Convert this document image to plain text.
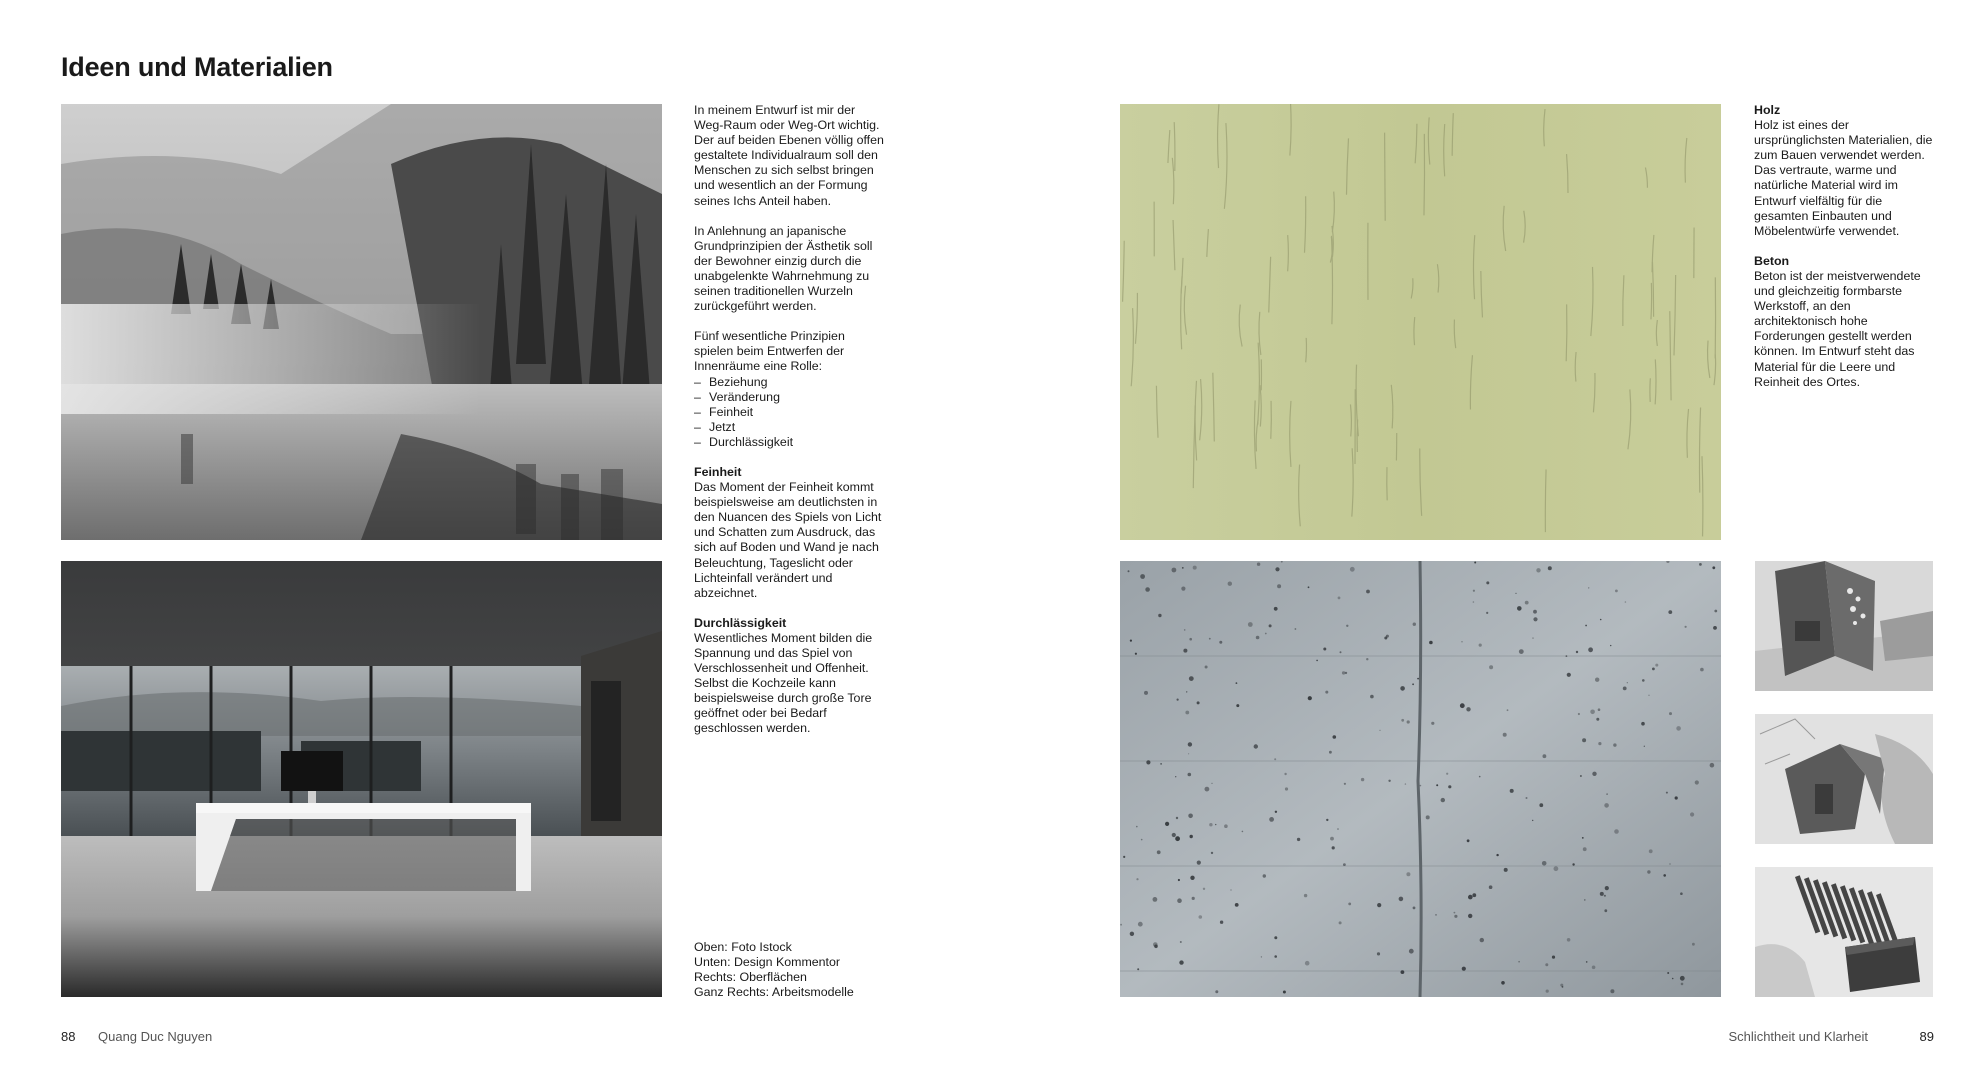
Ideen und Materialien

In meinem Entwurf ist mir der Weg-Raum oder Weg-Ort wichtig. Der auf beiden Ebenen völlig offen gestaltete Individualraum soll den Menschen zu sich selbst bringen und wesentlich an der Formung seines Ichs Anteil haben.

In Anlehnung an japanische Grundprinzipien der Ästhetik soll der Bewohner einzig durch die unabgelenkte Wahrnehmung zu seinen traditionellen Wurzeln zurückgeführt werden.

Fünf wesentliche Prinzipien spielen beim Entwerfen der Innenräume eine Rolle:

– Beziehung
– Veränderung
– Feinheit
– Jetzt
– Durchlässigkeit

Feinheit
Das Moment der Feinheit kommt beispielsweise am deutlichsten in den Nuancen des Spiels von Licht und Schatten zum Ausdruck, das sich auf Boden und Wand je nach Beleuchtung, Tageslicht oder Lichteinfall verändert und abzeichnet.

Durchlässigkeit
Wesentliches Moment bilden die Spannung und das Spiel von Verschlossenheit und Offenheit. Selbst die Kochzeile kann beispielsweise durch große Tore geöffnet oder bei Bedarf geschlossen werden.

Oben: Foto Istock
Unten: Design Kommentor
Rechts: Oberflächen
Ganz Rechts: Arbeitsmodelle

Holz
Holz ist eines der ursprünglichsten Materialien, die zum Bauen verwendet werden. Das vertraute, warme und natürliche Material wird im Entwurf vielfältig für die gesamten Einbauten und Möbelentwürfe verwendet.

Beton
Beton ist der meistverwendete und gleichzeitig formbarste Werkstoff, an den architektonisch hohe Forderungen gestellt werden können. Im Entwurf steht das Material für die Leere und Reinheit des Ortes.

88 Quang Duc Nguyen	Schlichtheit und Klarheit	89
